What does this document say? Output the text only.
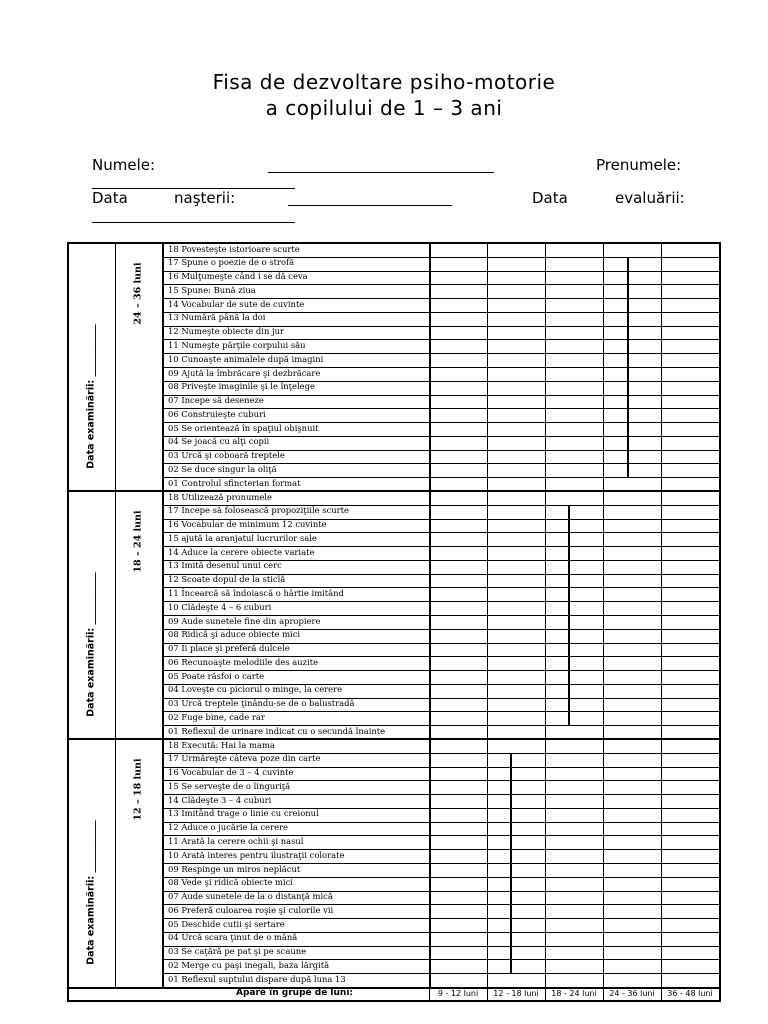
Fisa de dezvoltare psiho-motorie
a copilului de 1 – 3 ani
Numele:	Prenumele:
Data	naşterii:	Data	evaluării:
18 Povesteşte istorioare scurte
17 Spune o poezie de o strofă
16 Mulţumeşte când i se dă ceva
15 Spune: Bună ziua
14 Vocabular de sute de cuvinte
13 Numără până la doi
12 Numeşte obiecte din jur
11 Numeşte părţile corpului său
10 Cunoaşte animalele după imagini
09 Ajută la îmbrăcare şi dezbrăcare
08 Priveşte imaginile şi le înţelege
07 Începe să deseneze
06 Construieşte cuburi
05 Se orientează în spaţiul obişnuit
04 Se joacă cu alţi copii
03 Urcă şi coboară treptele
02 Se duce singur la oliţă
01 Controlul sfincterian format
Data examinării: ___________
24 – 36 luni
18 Utilizează pronumele
17 Începe să folosească propoziţiile scurte
16 Vocabular de minimum 12 cuvinte
15 ajută la aranjatul lucrurilor sale
14 Aduce la cerere obiecte variate
13 Imită desenul unui cerc
12 Scoate dopul de la sticlă
11 Încearcă să îndoiască o hârtie imitând
10 Clădeşte 4 – 6 cuburi
09 Aude sunetele fine din apropiere
08 Ridică şi aduce obiecte mici
07 Îi place şi preferă dulcele
06 Recunoaşte melodiile des auzite
05 Poate răsfoi o carte
04 Loveşte cu piciorul o minge, la cerere
03 Urcă treptele ţinându-se de o balustradă
02 Fuge bine, cade rar
01 Reflexul de urinare indicat cu o secundă înainte
Data examinării: ___________
18 – 24 luni
18 Execută: Hai la mama
17 Urmăreşte câteva poze din carte
16 Vocabular de 3 – 4 cuvinte
15 Se serveşte de o linguriţă
14 Clădeşte 3 – 4 cuburi
13 Imitând trage o linie cu creionul
12 Aduce o jucărie la cerere
11 Arată la cerere ochii şi nasul
10 Arată interes pentru ilustraţii colorate
09 Respinge un miros neplăcut
08 Vede şi ridică obiecte mici
07 Aude sunetele de la o distanţă mică
06 Preferă culoarea roşie şi culorile vii
05 Deschide cutii şi sertare
04 Urcă scara ţinut de o mână
03 Se caţără pe pat şi pe scaune
02 Merge cu paşi inegali, baza lărgită
01 Reflexul suptului dispare după luna 13
Data examinării: ___________
12 – 18 luni
Apare în grupe de luni:	9 - 12 luni	12 - 18 luni	18 - 24 luni	24 - 36 luni	36 - 48 luni
